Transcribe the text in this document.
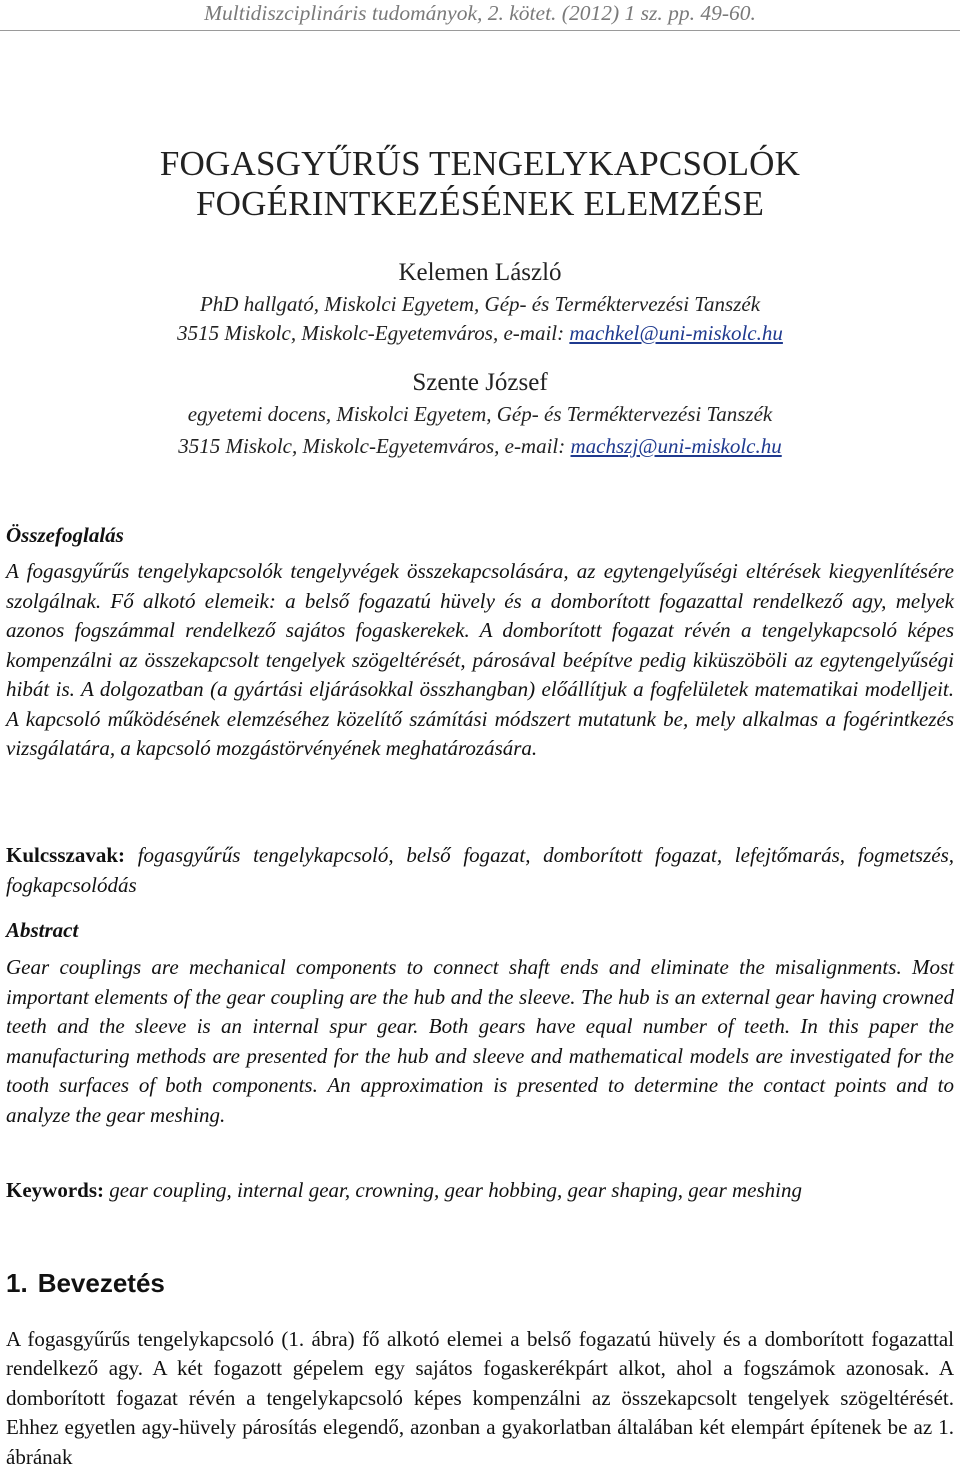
Multidiszciplináris tudományok, 2. kötet. (2012) 1 sz. pp. 49-60.
FOGASGYŰRŰS TENGELYKAPCSOLÓK
FOGÉRINTKEZÉSÉNEK ELEMZÉSE
Kelemen László
PhD hallgató, Miskolci Egyetem, Gép- és Terméktervezési Tanszék
3515 Miskolc, Miskolc-Egyetemváros, e-mail: machkel@uni-miskolc.hu
Szente József
egyetemi docens, Miskolci Egyetem, Gép- és Terméktervezési Tanszék
3515 Miskolc, Miskolc-Egyetemváros, e-mail: machszj@uni-miskolc.hu
Összefoglalás
A fogasgyűrűs tengelykapcsolók tengelyvégek összekapcsolására, az egytengelyűségi eltérések kiegyenlítésére szolgálnak. Fő alkotó elemeik: a belső fogazatú hüvely és a domborított fogazattal rendelkező agy, melyek azonos fogszámmal rendelkező sajátos fogaskerekek. A domborított fogazat révén a tengelykapcsoló képes kompenzálni az összekapcsolt tengelyek szögeltérését, párosával beépítve pedig kiküszöböli az egytengelyűségi hibát is. A dolgozatban (a gyártási eljárásokkal összhangban) előállítjuk a fogfelületek matematikai modelljeit. A kapcsoló működésének elemzéséhez közelítő számítási módszert mutatunk be, mely alkalmas a fogérintkezés vizsgálatára, a kapcsoló mozgástörvényének meghatározására.
Kulcsszavak: fogasgyűrűs tengelykapcsoló, belső fogazat, domborított fogazat, lefejtőmarás, fogmetszés, fogkapcsolódás
Abstract
Gear couplings are mechanical components to connect shaft ends and eliminate the misalignments. Most important elements of the gear coupling are the hub and the sleeve. The hub is an external gear having crowned teeth and the sleeve is an internal spur gear. Both gears have equal number of teeth. In this paper the manufacturing methods are presented for the hub and sleeve and mathematical models are investigated for the tooth surfaces of both components. An approximation is presented to determine the contact points and to analyze the gear meshing.
Keywords: gear coupling, internal gear, crowning, gear hobbing, gear shaping, gear meshing
1. Bevezetés
A fogasgyűrűs tengelykapcsoló (1. ábra) fő alkotó elemei a belső fogazatú hüvely és a domborított fogazattal rendelkező agy. A két fogazott gépelem egy sajátos fogaskerékpárt alkot, ahol a fogszámok azonosak. A domborított fogazat révén a tengelykapcsoló képes kompenzálni az összekapcsolt tengelyek szögeltérését. Ehhez egyetlen agy-hüvely párosítás elegendő, azonban a gyakorlatban általában két elempárt építenek be az 1. ábrának
